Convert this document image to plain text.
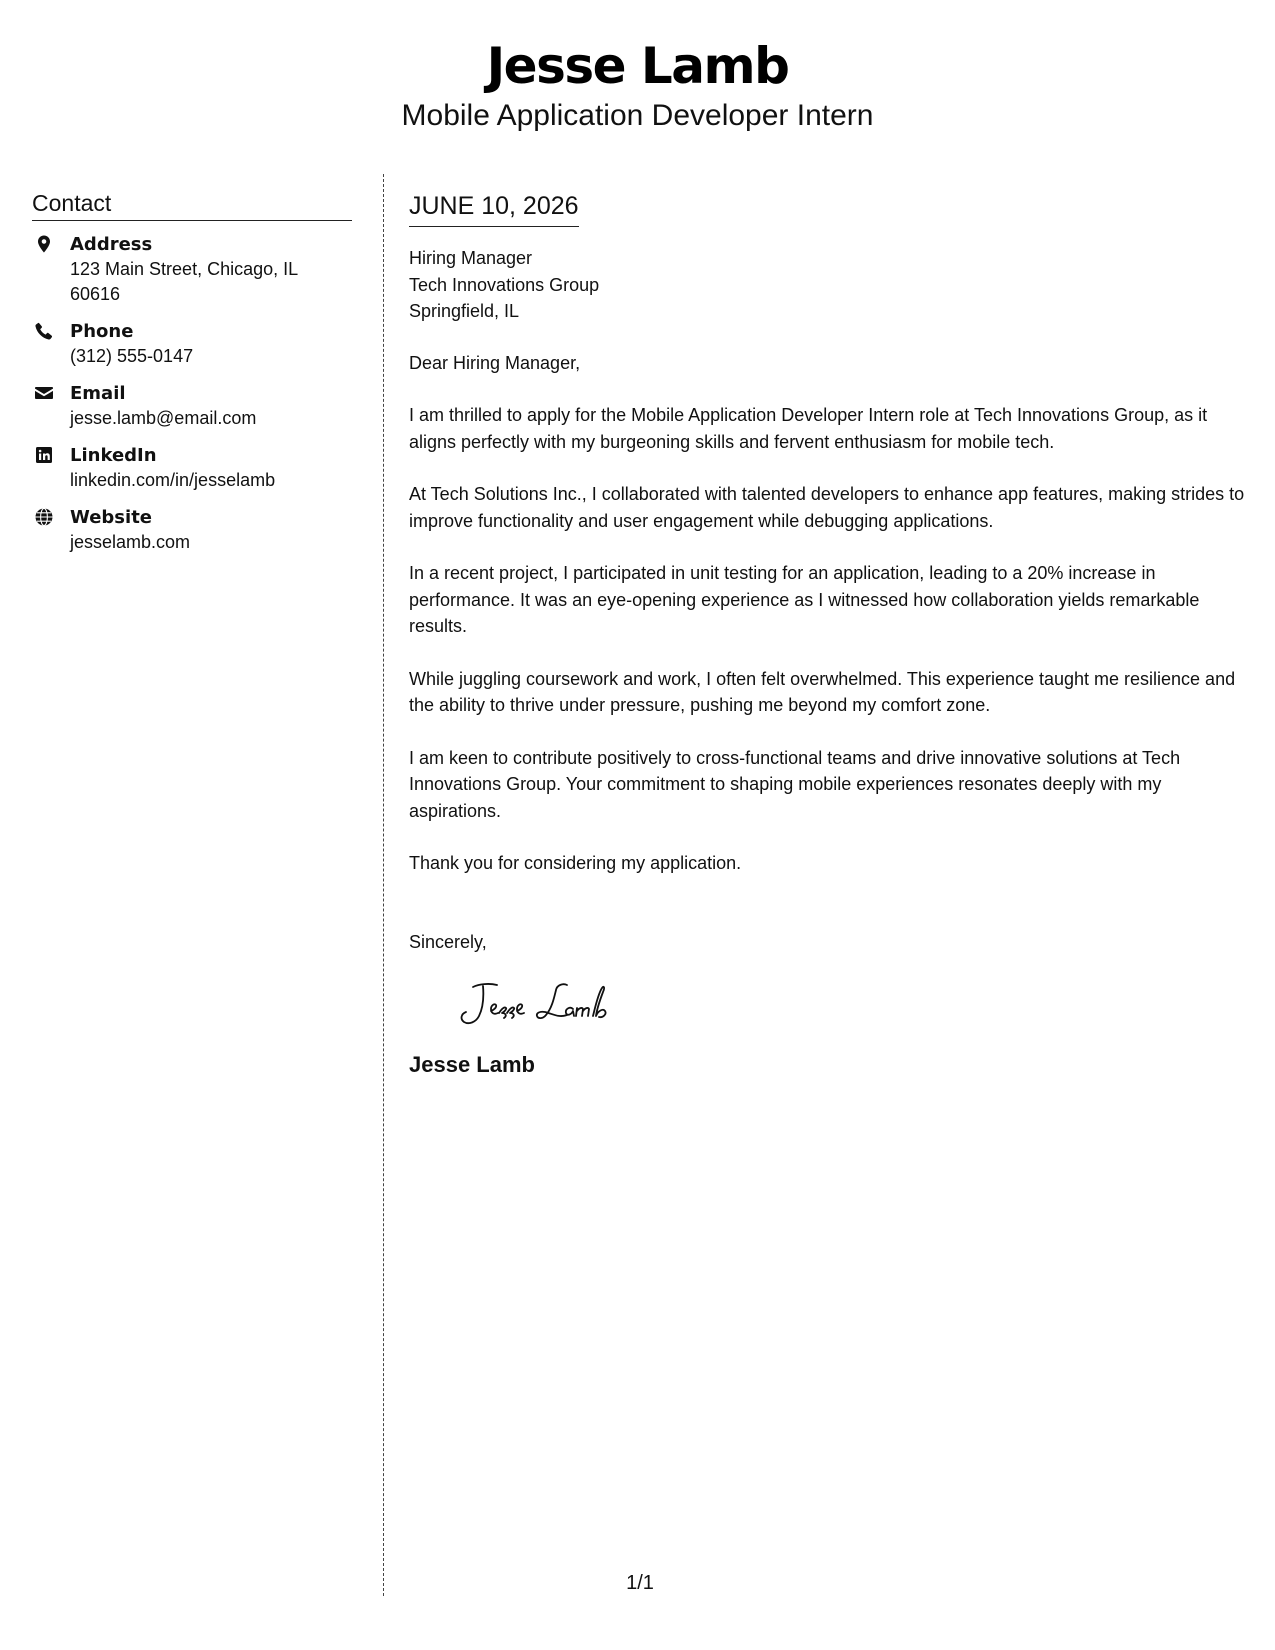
Jesse Lamb
Mobile Application Developer Intern
Contact
Address
123 Main Street, Chicago, IL 60616
Phone
(312) 555-0147
Email
jesse.lamb@email.com
LinkedIn
linkedin.com/in/jesselamb
Website
jesselamb.com
JUNE 10, 2026
Hiring Manager
Tech Innovations Group
Springfield, IL
Dear Hiring Manager,
I am thrilled to apply for the Mobile Application Developer Intern role at Tech Innovations Group, as it aligns perfectly with my burgeoning skills and fervent enthusiasm for mobile tech.
At Tech Solutions Inc., I collaborated with talented developers to enhance app features, making strides to improve functionality and user engagement while debugging applications.
In a recent project, I participated in unit testing for an application, leading to a 20% increase in performance. It was an eye-opening experience as I witnessed how collaboration yields remarkable results.
While juggling coursework and work, I often felt overwhelmed. This experience taught me resilience and the ability to thrive under pressure, pushing me beyond my comfort zone.
I am keen to contribute positively to cross-functional teams and drive innovative solutions at Tech Innovations Group. Your commitment to shaping mobile experiences resonates deeply with my aspirations.
Thank you for considering my application.
Sincerely,
Jesse Lamb
1/1
